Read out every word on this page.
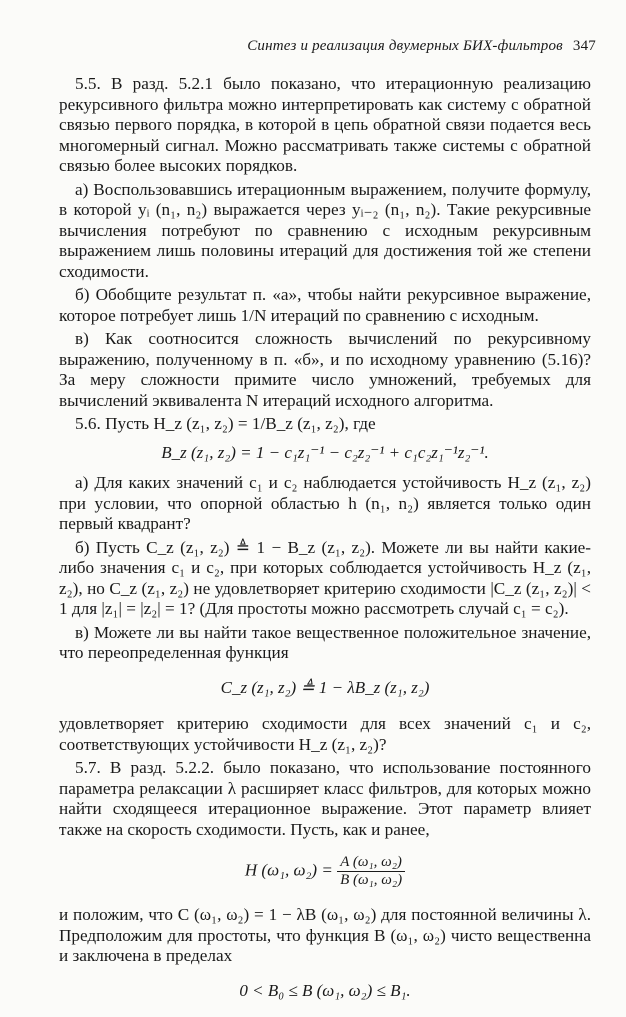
Синтез и реализация двумерных БИХ-фильтров 347

5.5. В разд. 5.2.1 было показано, что итерационную реализацию рекурсивного фильтра можно интерпретировать как систему с обратной связью первого порядка, в которой в цепь обратной связи подается весь многомерный сигнал. Можно рассматривать также системы с обратной связью более высоких порядков.

а) Воспользовавшись итерационным выражением, получите формулу, в которой yᵢ (n₁, n₂) выражается через yᵢ₋₂ (n₁, n₂). Такие рекурсивные вычисления потребуют по сравнению с исходным рекурсивным выражением лишь половины итераций для достижения той же степени сходимости.

б) Обобщите результат п. «а», чтобы найти рекурсивное выражение, которое потребует лишь 1/N итераций по сравнению с исходным.

в) Как соотносится сложность вычислений по рекурсивному выражению, полученному в п. «б», и по исходному уравнению (5.16)? За меру сложности примите число умножений, требуемых для вычислений эквивалента N итераций исходного алгоритма.

5.6. Пусть H_z (z₁, z₂) = 1/B_z (z₁, z₂), где

B_z (z₁, z₂) = 1 − c₁z₁⁻¹ − c₂z₂⁻¹ + c₁c₂z₁⁻¹z₂⁻¹.

а) Для каких значений c₁ и c₂ наблюдается устойчивость H_z (z₁, z₂) при условии, что опорной областью h (n₁, n₂) является только один первый квадрант?

б) Пусть C_z (z₁, z₂) ≜ 1 − B_z (z₁, z₂). Можете ли вы найти какие-либо значения c₁ и c₂, при которых соблюдается устойчивость H_z (z₁, z₂), но C_z (z₁, z₂) не удовлетворяет критерию сходимости |C_z (z₁, z₂)| < 1 для |z₁| = |z₂| = 1? (Для простоты можно рассмотреть случай c₁ = c₂).

в) Можете ли вы найти такое вещественное положительное значение, что переопределенная функция

C_z (z₁, z₂) ≜ 1 − λB_z (z₁, z₂)

удовлетворяет критерию сходимости для всех значений c₁ и c₂, соответствующих устойчивости H_z (z₁, z₂)?

5.7. В разд. 5.2.2. было показано, что использование постоянного параметра релаксации λ расширяет класс фильтров, для которых можно найти сходящееся итерационное выражение. Этот параметр влияет также на скорость сходимости. Пусть, как и ранее,

H (ω₁, $\omega_2) = \frac{\text{A (ω₁, ω₂)}}{\text{B (ω₁, ω₂)}}$

и положим, что C (ω₁, ω₂) = 1 − λB (ω₁, ω₂) для постоянной величины λ. Предположим для простоты, что функция B (ω₁, ω₂) чисто вещественна и заключена в пределах

0 < B₀ ≤ B (ω₁, ω₂) ≤ B₁.
